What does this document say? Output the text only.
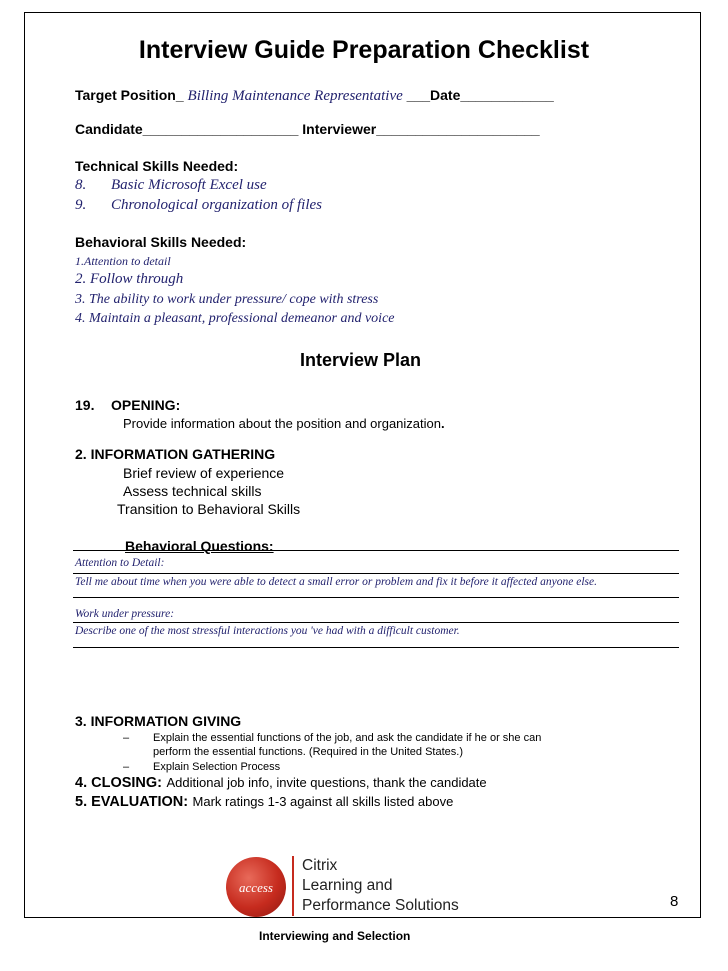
Interview Guide Preparation Checklist
Target Position_ Billing Maintenance Representative ___Date____________
Candidate____________________ Interviewer_____________________
Technical Skills Needed:
8. Basic Microsoft Excel use
9. Chronological organization of files
Behavioral Skills Needed:
1.Attention to detail
2. Follow through
3. The ability to work under pressure/ cope with stress
4. Maintain a pleasant, professional demeanor and voice
Interview Plan
19. OPENING:
Provide information about the position and organization.
2. INFORMATION GATHERING
Brief review of experience
Assess technical skills
Transition to Behavioral Skills
Behavioral Questions:
Attention to Detail:
Tell me about time when you were able to detect a small error or problem and fix it before it affected anyone else.
Work under pressure:
Describe one of the most stressful interactions you 've had with a difficult customer.
3. INFORMATION GIVING
– Explain the essential functions of the job, and ask the candidate if he or she can
perform the essential functions. (Required in the United States.)
– Explain Selection Process
4. CLOSING: Additional job info, invite questions, thank the candidate
5. EVALUATION: Mark ratings 1-3 against all skills listed above
access
Citrix
Learning and
Performance Solutions	8
Interviewing and Selection
